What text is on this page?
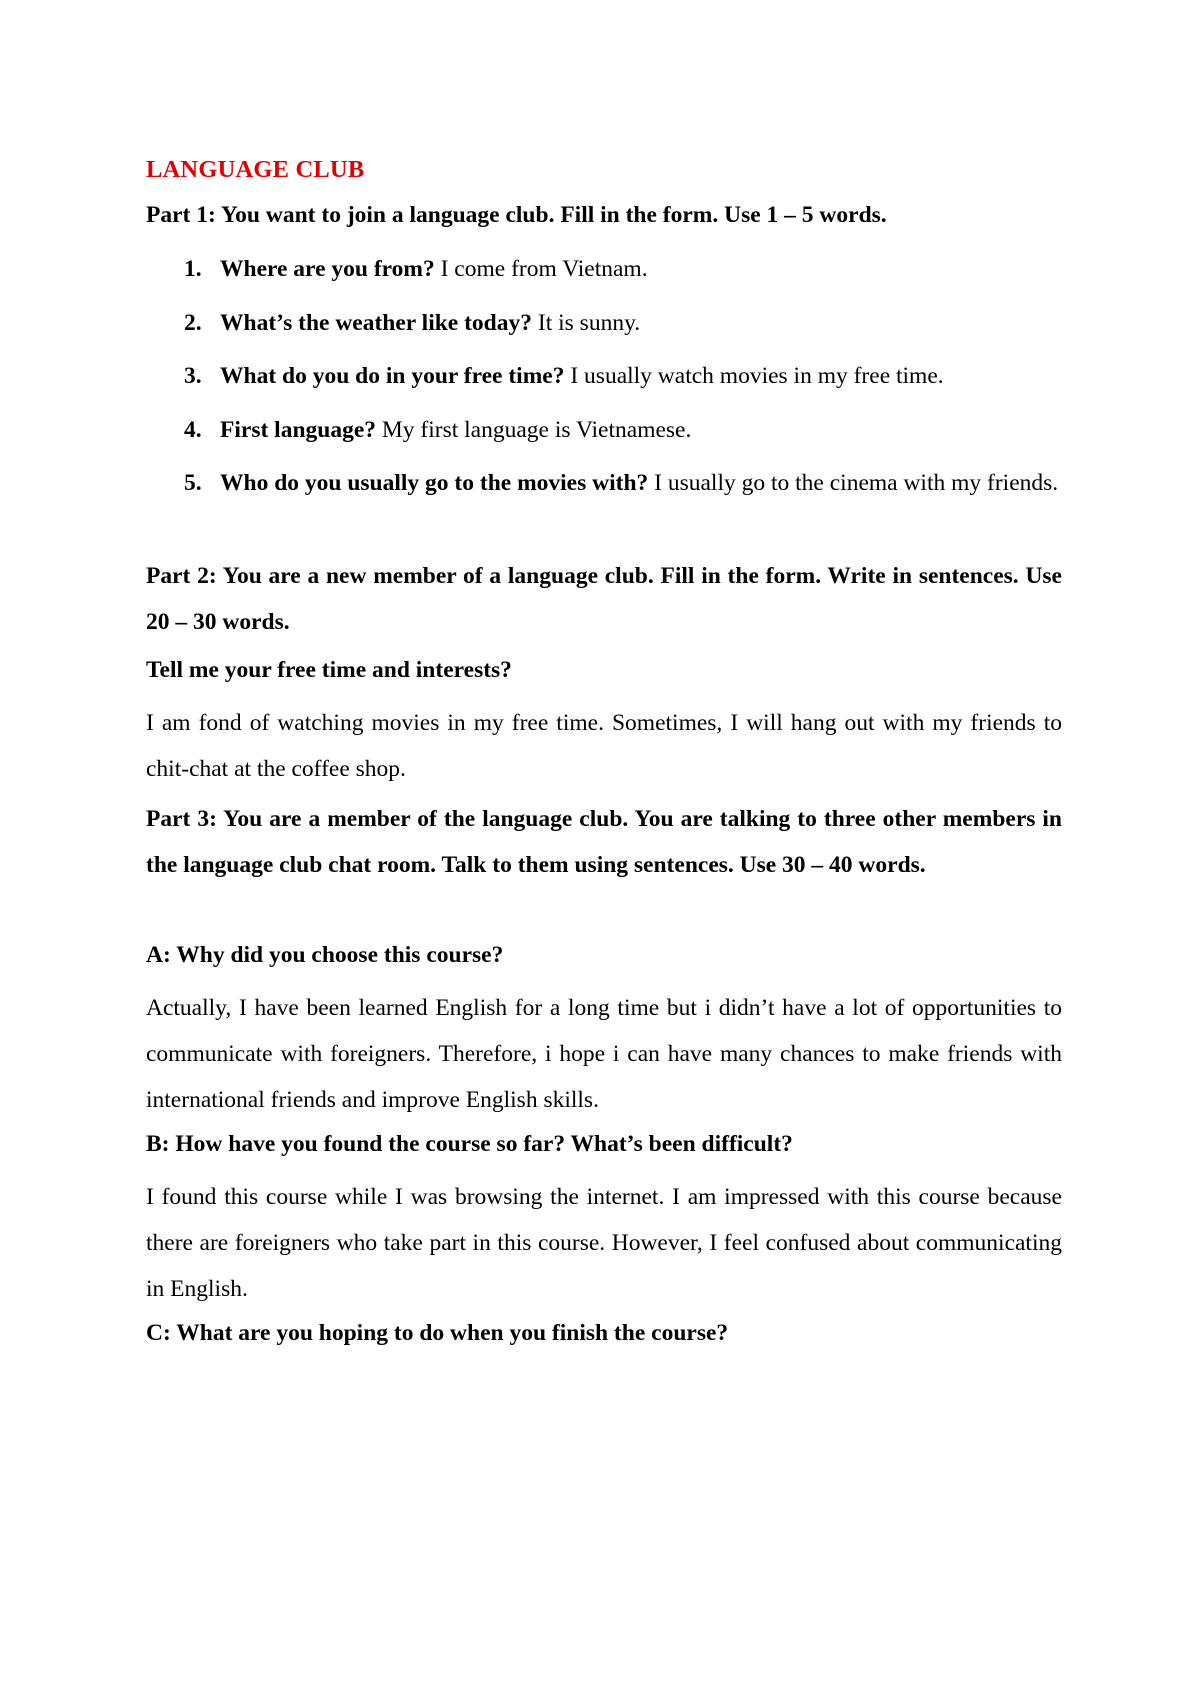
LANGUAGE CLUB
Part 1: You want to join a language club. Fill in the form. Use 1 – 5 words.
1. Where are you from? I come from Vietnam.
2. What’s the weather like today? It is sunny.
3. What do you do in your free time? I usually watch movies in my free time.
4. First language? My first language is Vietnamese.
5. Who do you usually go to the movies with? I usually go to the cinema with my friends.
Part 2: You are a new member of a language club. Fill in the form. Write in sentences. Use 20 – 30 words.
Tell me your free time and interests?
I am fond of watching movies in my free time. Sometimes, I will hang out with my friends to chit-chat at the coffee shop.
Part 3: You are a member of the language club. You are talking to three other members in the language club chat room. Talk to them using sentences. Use 30 – 40 words.
A: Why did you choose this course?
Actually, I have been learned English for a long time but i didn’t have a lot of opportunities to communicate with foreigners. Therefore, i hope i can have many chances to make friends with international friends and improve English skills.
B: How have you found the course so far? What’s been difficult?
I found this course while I was browsing the internet. I am impressed with this course because there are foreigners who take part in this course. However, I feel confused about communicating in English.
C: What are you hoping to do when you finish the course?
